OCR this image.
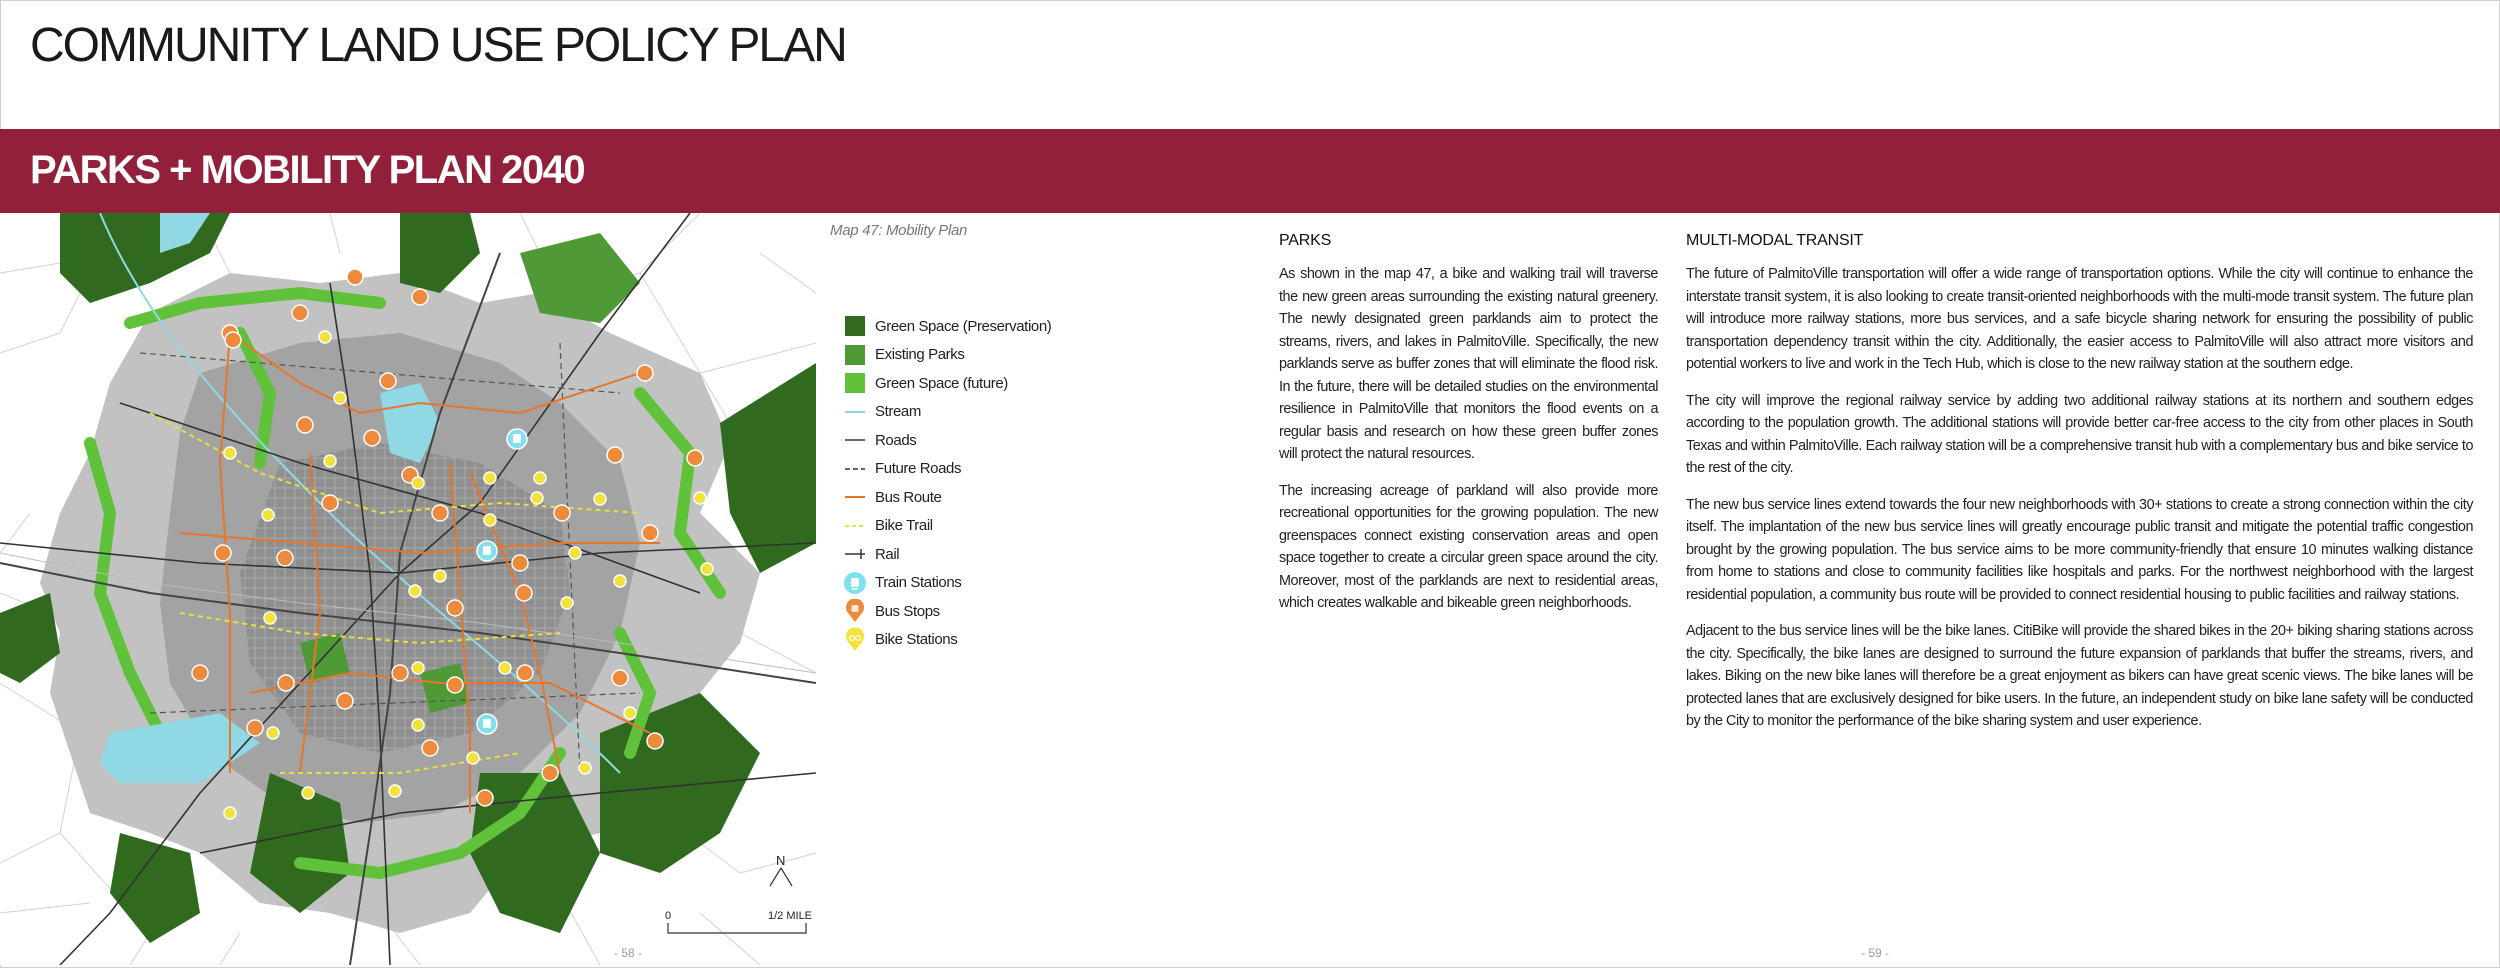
COMMUNITY LAND USE POLICY PLAN
PARKS + MOBILITY PLAN 2040
N
0	1/2 MILE
Map 47: Mobility Plan
Green Space (Preservation)
Existing Parks
Green Space (future)
Stream
Roads
Future Roads
Bus Route
Bike Trail
Rail
Train Stations
Bus Stops
Bike Stations
PARKS

As shown in the map 47, a bike and walking trail will traverse the new green areas surrounding the existing natural greenery. The newly designated green parklands aim to protect the streams, rivers, and lakes in PalmitoVille. Specifically, the new parklands serve as buffer zones that will eliminate the flood risk. In the future, there will be detailed studies on the environmental resilience in PalmitoVille that monitors the flood events on a regular basis and research on how these green buffer zones will protect the natural resources.

The increasing acreage of parkland will also provide more recreational opportunities for the growing population. The new greenspaces connect existing conservation areas and open space together to create a circular green space around the city. Moreover, most of the parklands are next to residential areas, which creates walkable and bikeable green neighborhoods.

MULTI-MODAL TRANSIT

The future of PalmitoVille transportation will offer a wide range of transportation options. While the city will continue to enhance the interstate transit system, it is also looking to create transit-oriented neighborhoods with the multi-mode transit system. The future plan will introduce more railway stations, more bus services, and a safe bicycle sharing network for ensuring the possibility of public transportation dependency transit within the city. Additionally, the easier access to PalmitoVille will also attract more visitors and potential workers to live and work in the Tech Hub, which is close to the new railway station at the southern edge.

The city will improve the regional railway service by adding two additional railway stations at its northern and southern edges according to the population growth. The additional stations will provide better car-free access to the city from other places in South Texas and within PalmitoVille. Each railway station will be a comprehensive transit hub with a complementary bus and bike service to the rest of the city.

The new bus service lines extend towards the four new neighborhoods with 30+ stations to create a strong connection within the city itself. The implantation of the new bus service lines will greatly encourage public transit and mitigate the potential traffic congestion brought by the growing population. The bus service aims to be more community-friendly that ensure 10 minutes walking distance from home to stations and close to community facilities like hospitals and parks. For the northwest neighborhood with the largest residential population, a community bus route will be provided to connect residential housing to public facilities and railway stations.

Adjacent to the bus service lines will be the bike lanes. CitiBike will provide the shared bikes in the 20+ biking sharing stations across the city. Specifically, the bike lanes are designed to surround the future expansion of parklands that buffer the streams, rivers, and lakes. Biking on the new bike lanes will therefore be a great enjoyment as bikers can have great scenic views. The bike lanes will be protected lanes that are exclusively designed for bike users. In the future, an independent study on bike lane safety will be conducted by the City to monitor the performance of the bike sharing system and user experience.

- 58 -	- 59 -
